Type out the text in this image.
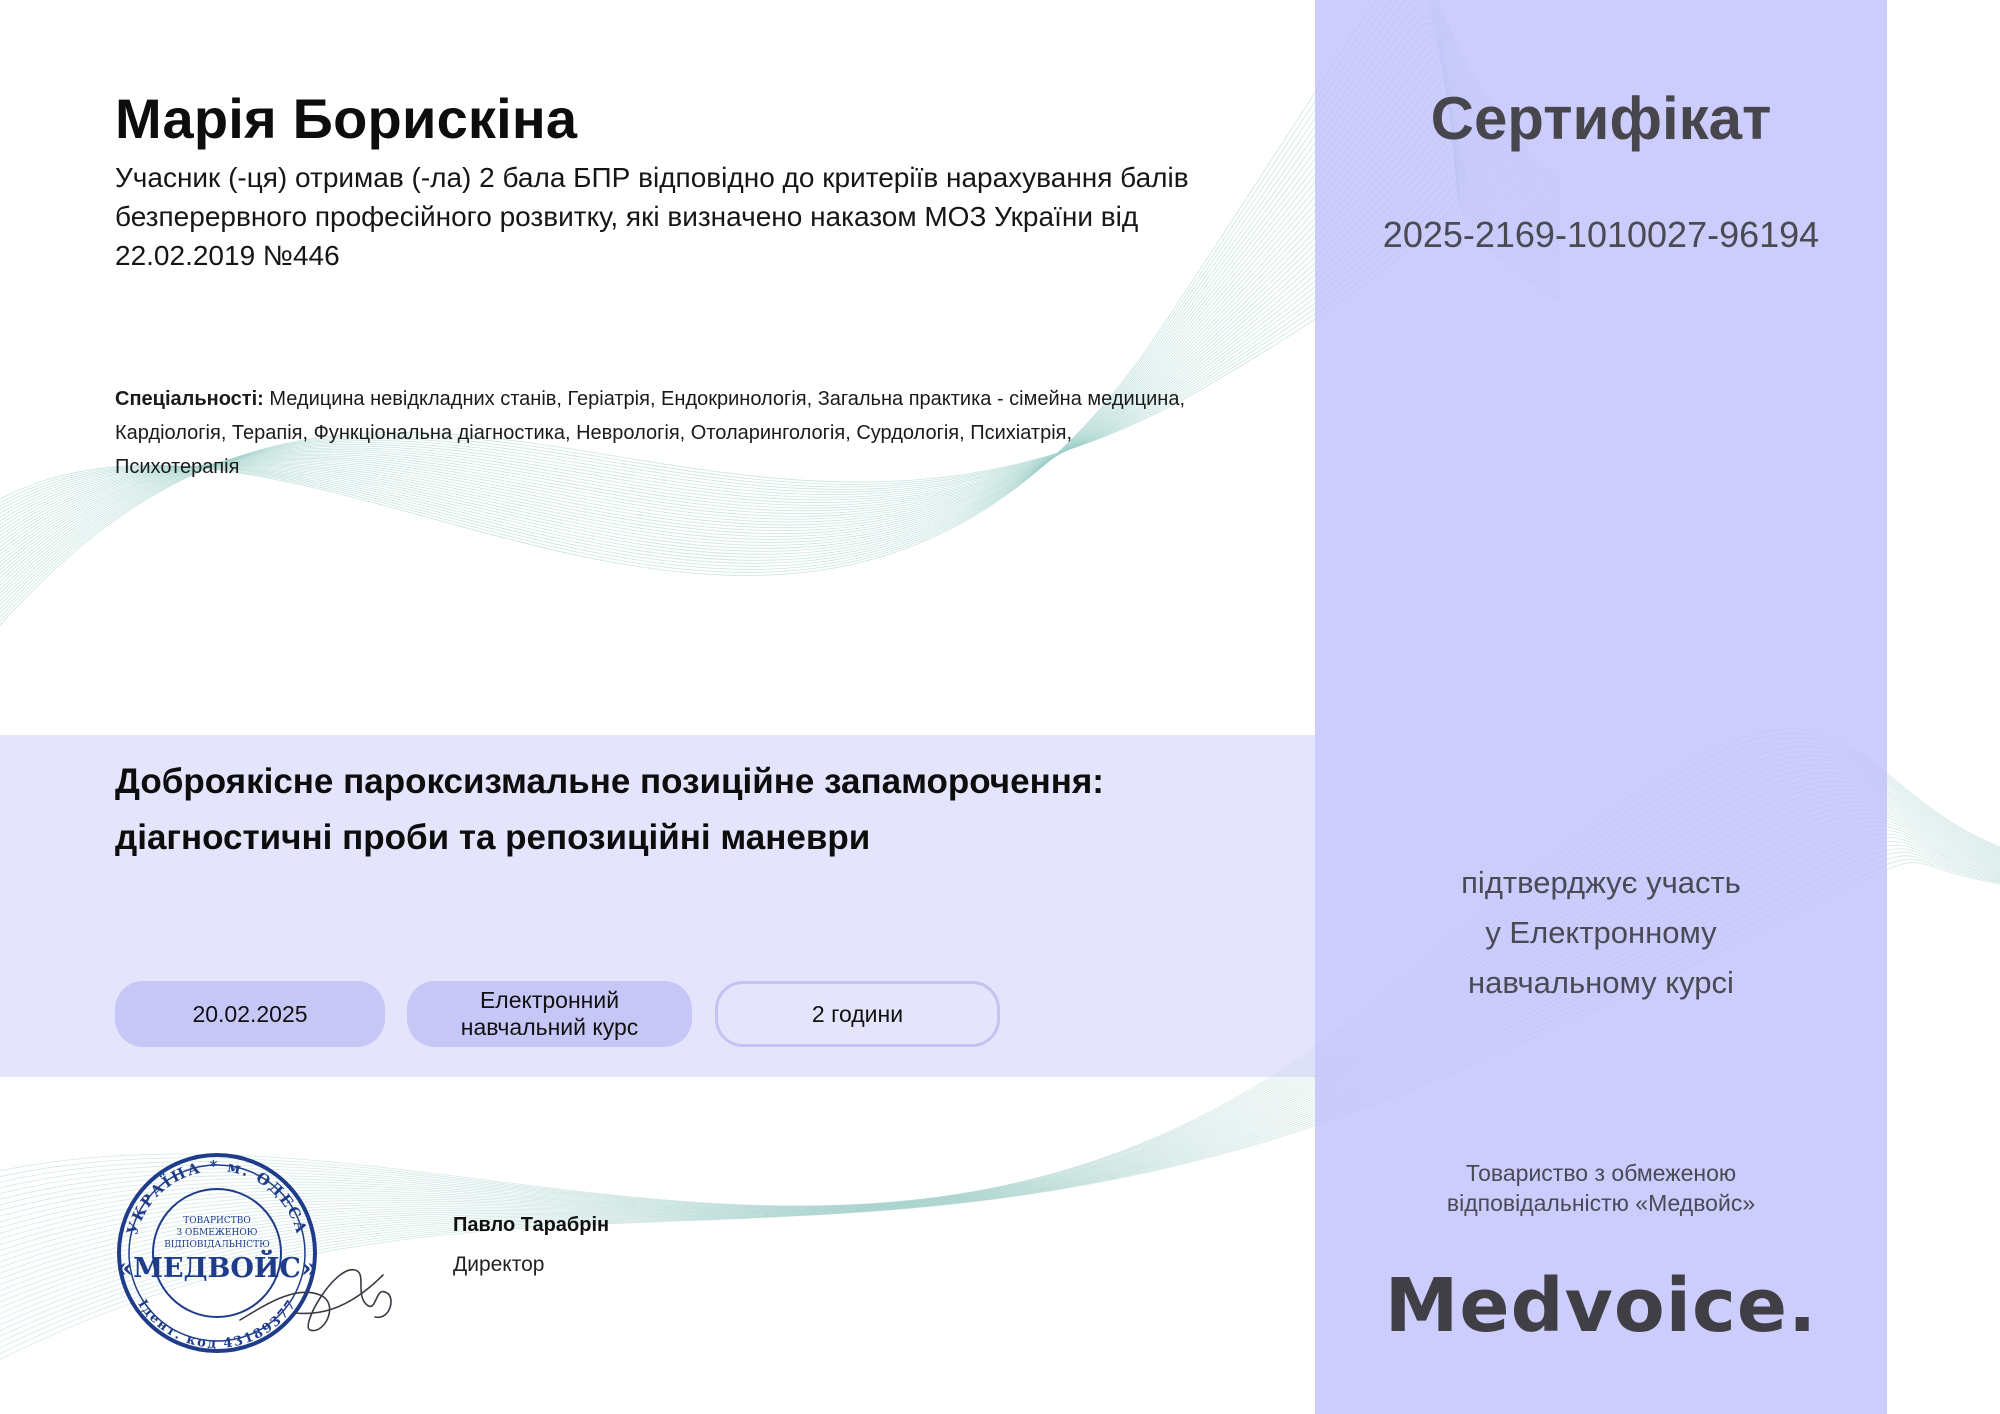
Марія Борискіна

Учасник (-ця) отримав (-ла) 2 бала БПР відповідно до критеріїв нарахування балів безперервного професійного розвитку, які визначено наказом МОЗ України від 22.02.2019 №446

Спеціальності: Медицина невідкладних станів, Геріатрія, Ендокринологія, Загальна практика - сімейна медицина, Кардіологія, Терапія, Функціональна діагностика, Неврологія, Отоларингологія, Сурдологія, Психіатрія, Психотерапія

Доброякісне пароксизмальне позиційне запаморочення: діагностичні проби та репозиційні маневри
20.02.2025
Електронний
навчальний курс
2 години
УКРАЇНА * м. ОДЕСА
Ідент. код 43189377
ТОВАРИСТВО
З ОБМЕЖЕНОЮ
ВІДПОВІДАЛЬНІСТЮ
«МЕДВОЙС»

Павло Тарабрін

Директор

Сертифікат

2025-2169-1010027-96194

підтверджує участь
у Електронному
навчальному курсі

Товариство з обмеженою
відповідальністю «Медвойс»

Medvoice.
